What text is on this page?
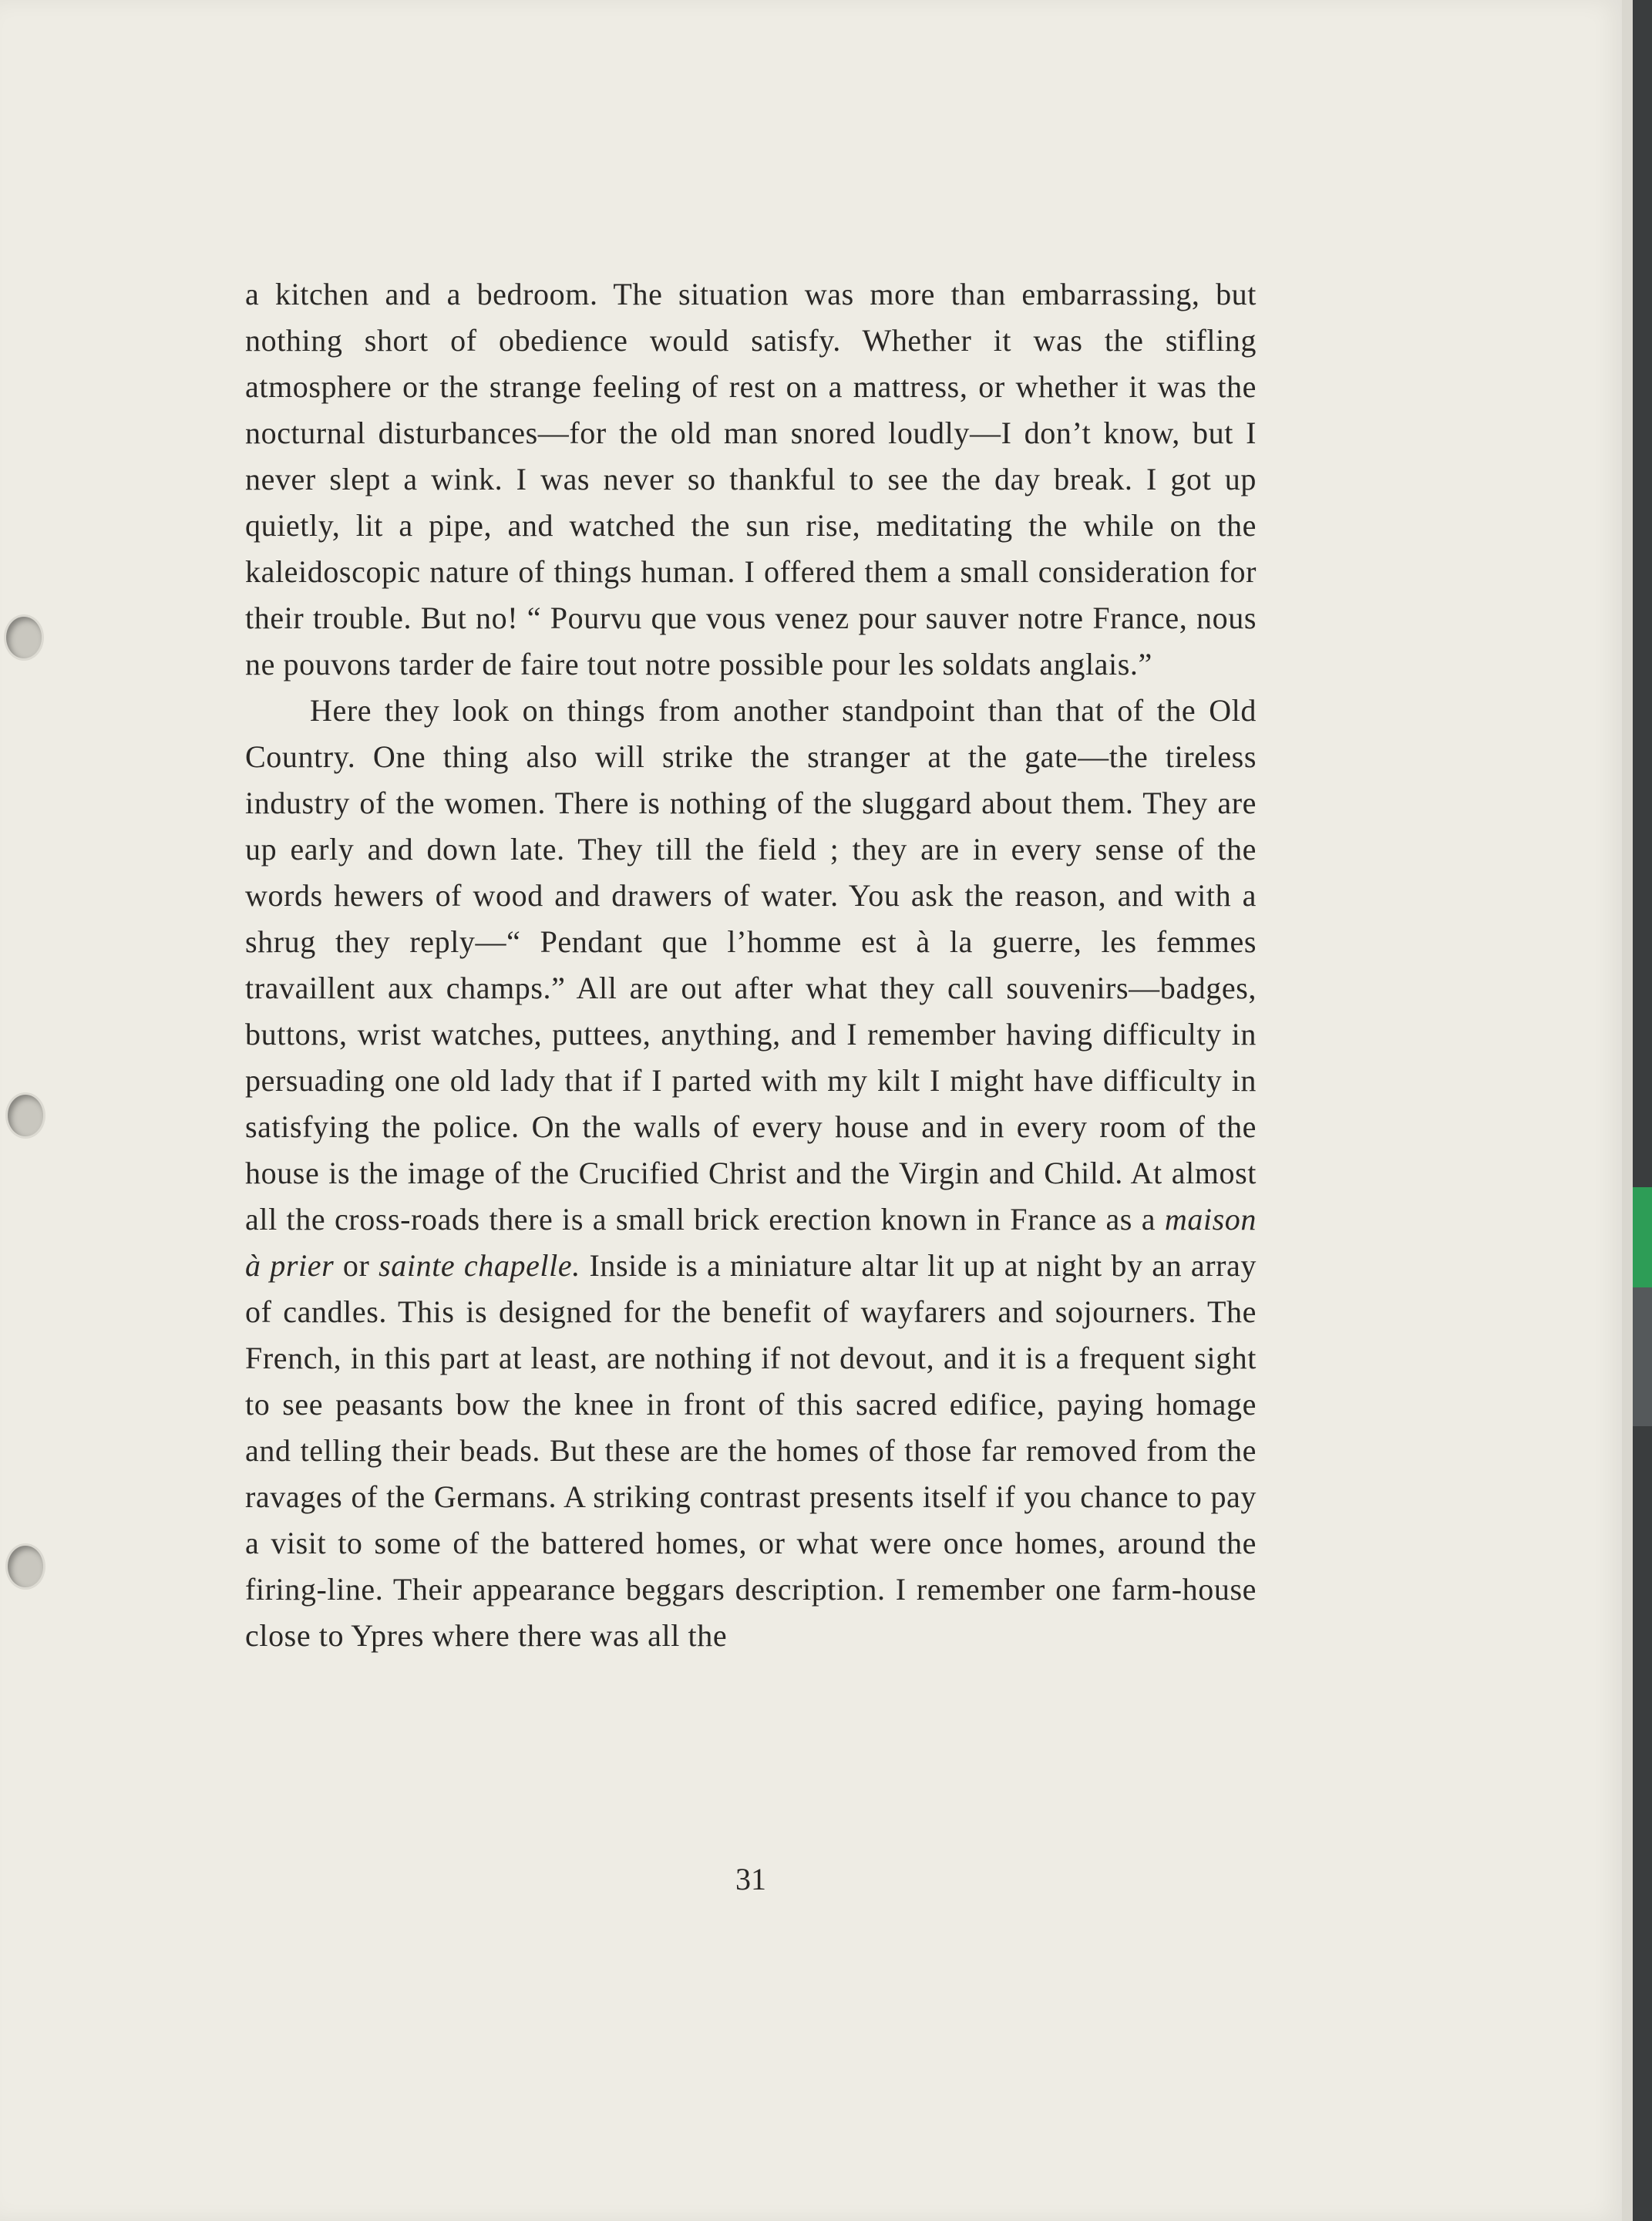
a kitchen and a bedroom. The situation was more than embarrassing, but nothing short of obedience would satisfy. Whether it was the stifling atmosphere or the strange feeling of rest on a mattress, or whether it was the nocturnal disturbances—for the old man snored loudly—I don’t know, but I never slept a wink. I was never so thankful to see the day break. I got up quietly, lit a pipe, and watched the sun rise, meditating the while on the kaleidoscopic nature of things human. I offered them a small consideration for their trouble. But no! “ Pourvu que vous venez pour sauver notre France, nous ne pouvons tarder de faire tout notre possible pour les soldats anglais.”

Here they look on things from another standpoint than that of the Old Country. One thing also will strike the stranger at the gate—the tireless industry of the women. There is nothing of the sluggard about them. They are up early and down late. They till the field ; they are in every sense of the words hewers of wood and drawers of water. You ask the reason, and with a shrug they reply—“ Pendant que l’homme est à la guerre, les femmes travaillent aux champs.” All are out after what they call souvenirs—badges, buttons, wrist watches, puttees, anything, and I remember having difficulty in persuading one old lady that if I parted with my kilt I might have difficulty in satisfying the police. On the walls of every house and in every room of the house is the image of the Crucified Christ and the Virgin and Child. At almost all the cross-roads there is a small brick erection known in France as a maison à prier or sainte chapelle. Inside is a miniature altar lit up at night by an array of candles. This is designed for the benefit of wayfarers and sojourners. The French, in this part at least, are nothing if not devout, and it is a frequent sight to see peasants bow the knee in front of this sacred edifice, paying homage and telling their beads. But these are the homes of those far removed from the ravages of the Germans. A striking contrast presents itself if you chance to pay a visit to some of the battered homes, or what were once homes, around the firing-line. Their appearance beggars description. I remember one farm-house close to Ypres where there was all the

31
